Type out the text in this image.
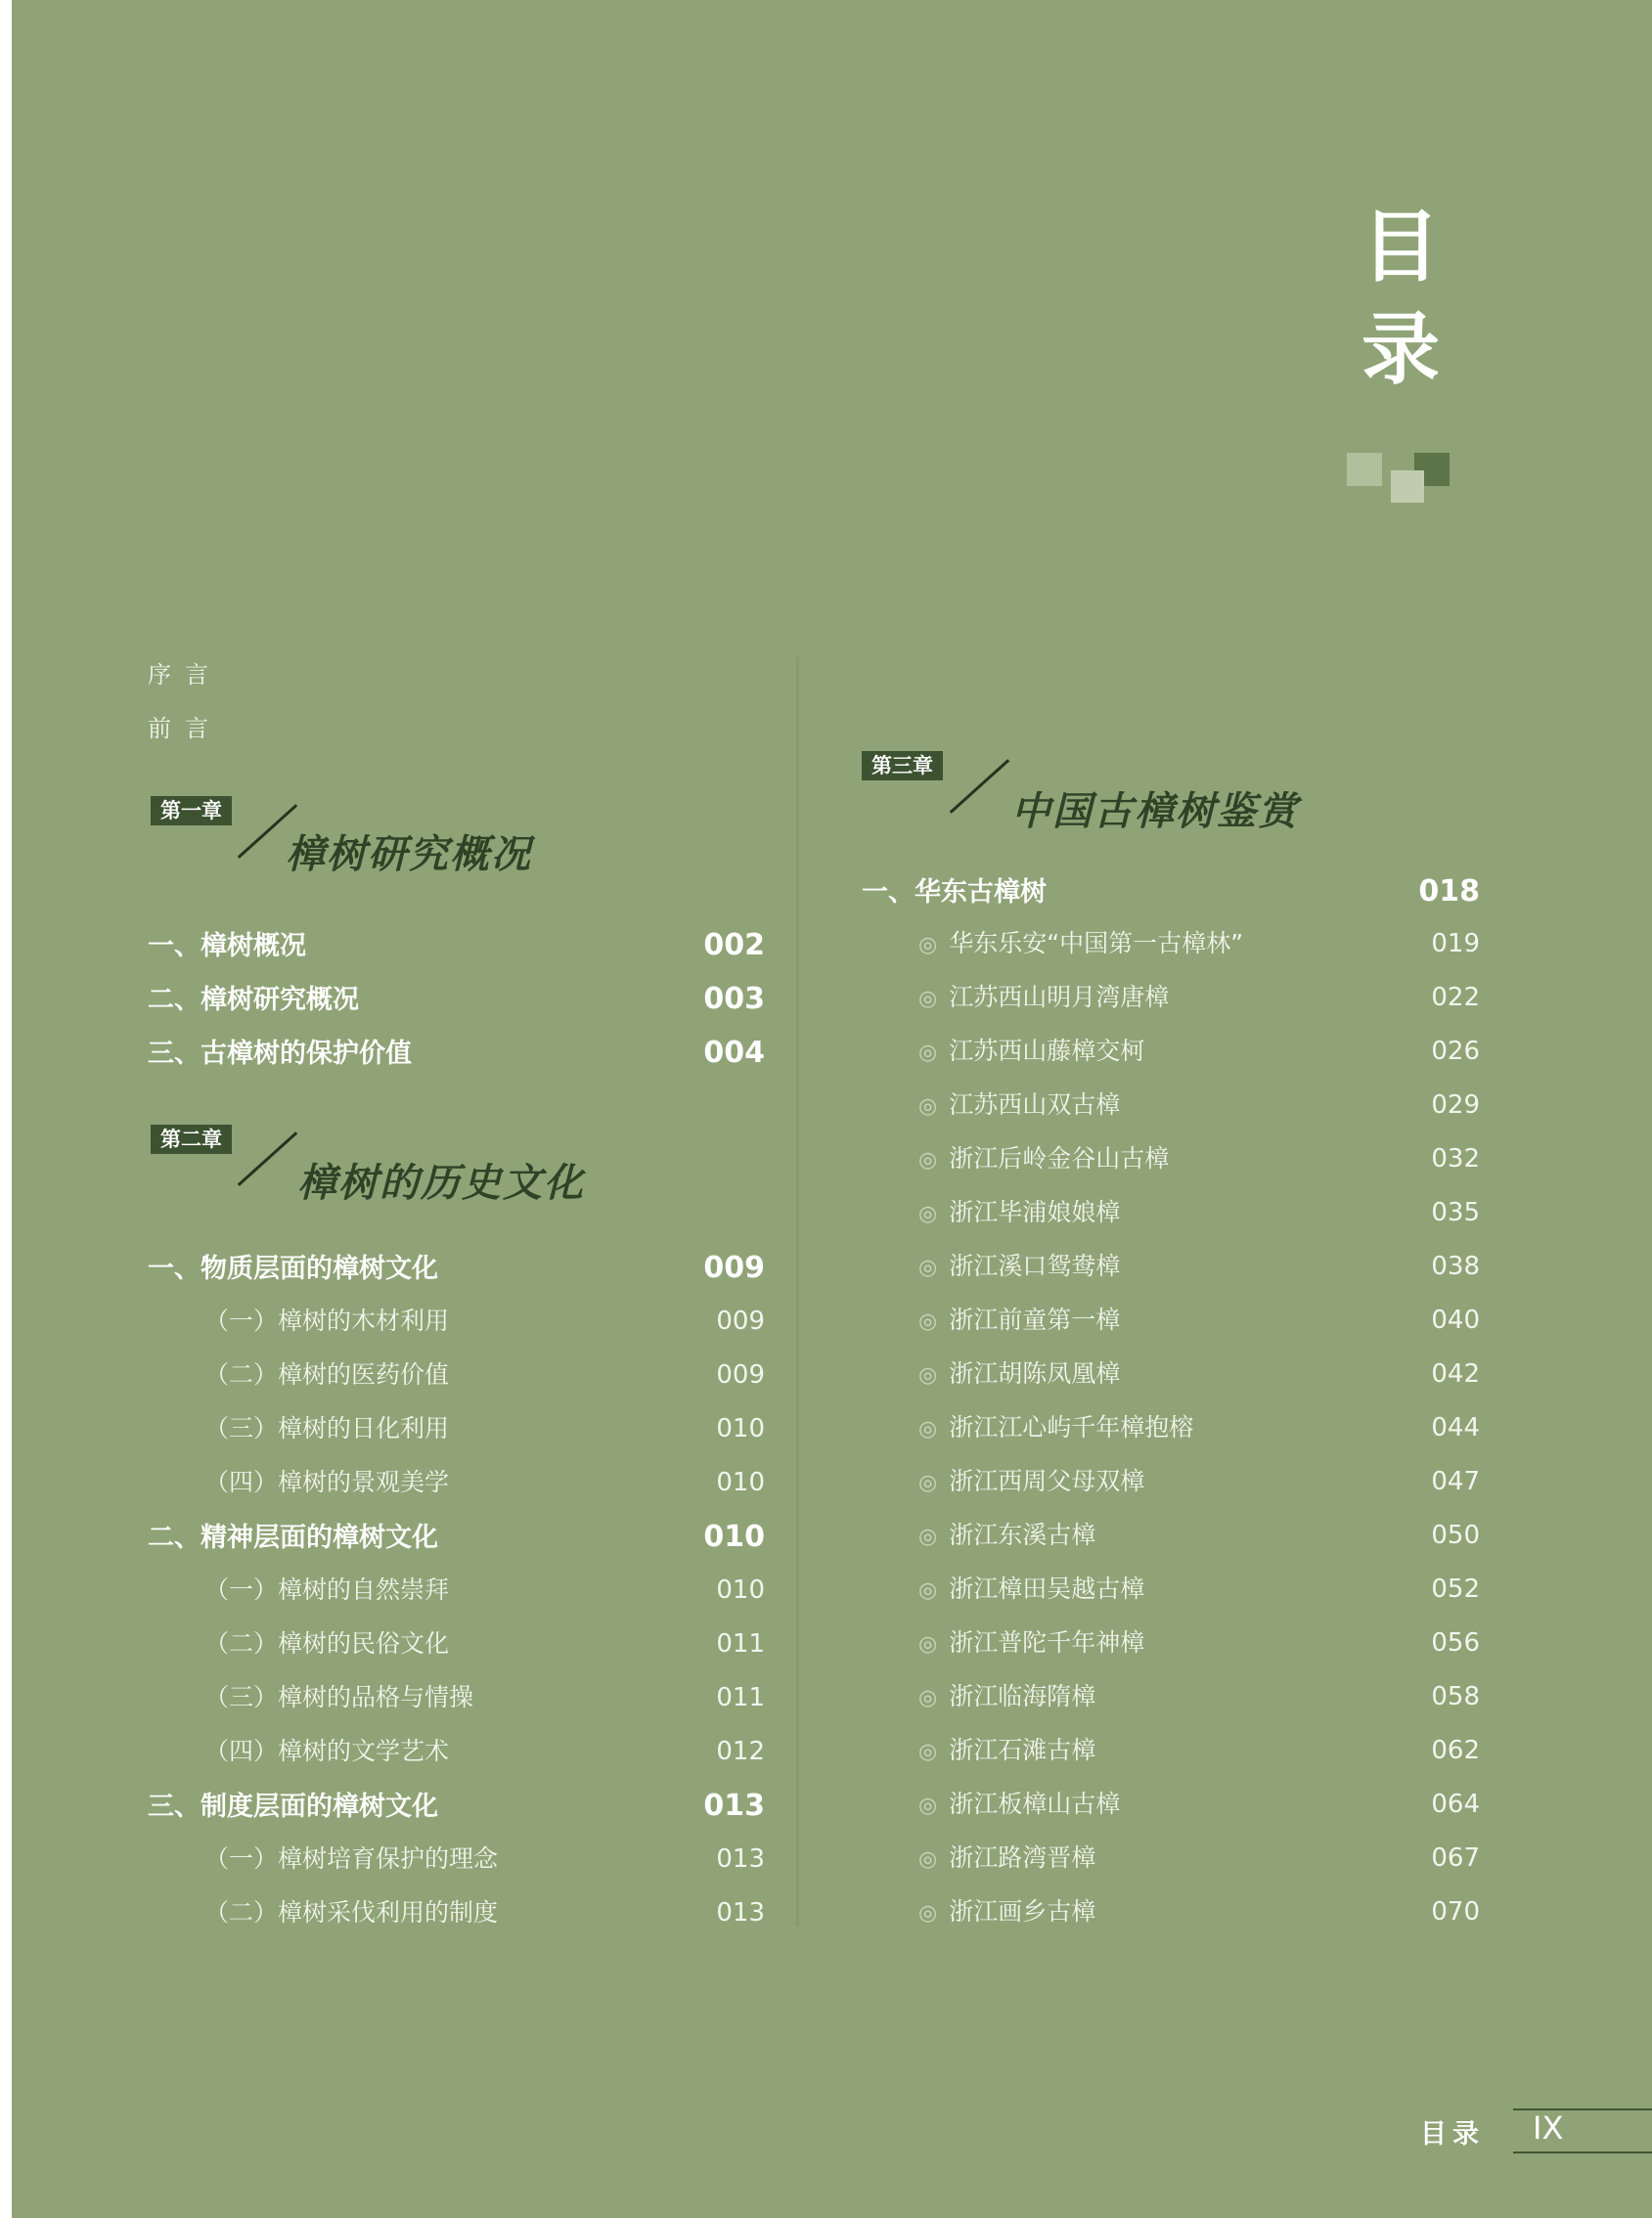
目
录
序言
前言
第一章
樟树研究概况
一、樟树概况	002
二、樟树研究概况	003
三、古樟树的保护价值	004
第二章
樟树的历史文化
一、物质层面的樟树文化	009
（一）樟树的木材利用	009
（二）樟树的医药价值	009
（三）樟树的日化利用	010
（四）樟树的景观美学	010
二、精神层面的樟树文化	010
（一）樟树的自然崇拜	010
（二）樟树的民俗文化	011
（三）樟树的品格与情操	011
（四）樟树的文学艺术	012
三、制度层面的樟树文化	013
（一）樟树培育保护的理念	013
（二）樟树采伐利用的制度	013
第三章
中国古樟树鉴赏
一、华东古樟树	018
◎ 华东乐安“中国第一古樟林”	019
◎ 江苏西山明月湾唐樟	022
◎ 江苏西山藤樟交柯	026
◎ 江苏西山双古樟	029
◎ 浙江后岭金谷山古樟	032
◎ 浙江毕浦娘娘樟	035
◎ 浙江溪口鸳鸯樟	038
◎ 浙江前童第一樟	040
◎ 浙江胡陈凤凰樟	042
◎ 浙江江心屿千年樟抱榕	044
◎ 浙江西周父母双樟	047
◎ 浙江东溪古樟	050
◎ 浙江樟田吴越古樟	052
◎ 浙江普陀千年神樟	056
◎ 浙江临海隋樟	058
◎ 浙江石滩古樟	062
◎ 浙江板樟山古樟	064
◎ 浙江路湾晋樟	067
◎ 浙江画乡古樟	070
目录 IX
